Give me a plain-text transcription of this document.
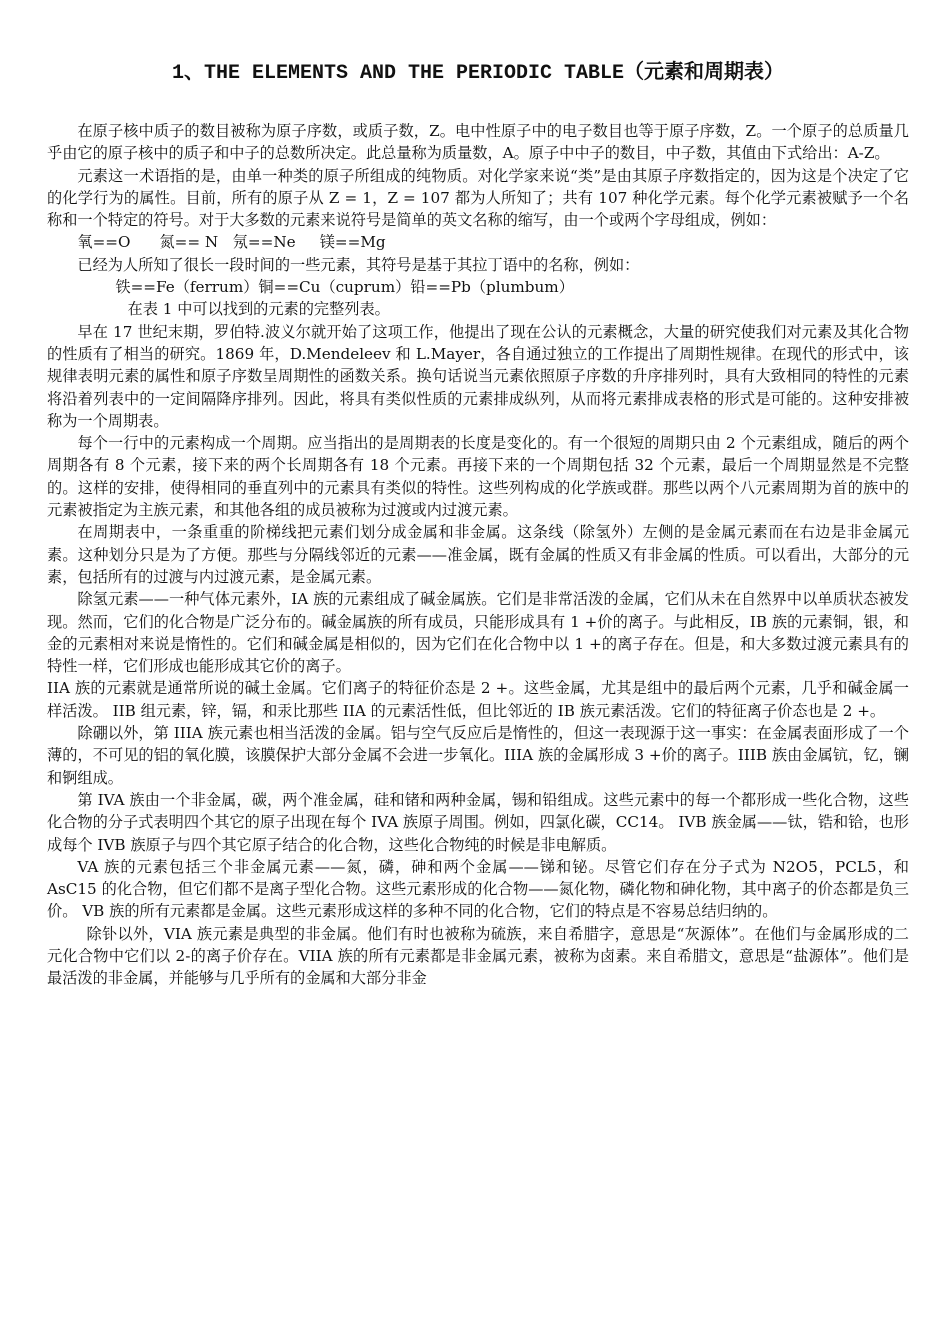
1、THE ELEMENTS AND THE PERIODIC TABLE（元素和周期表）

在原子核中质子的数目被称为原子序数，或质子数，Z。电中性原子中的电子数目也等于原子序数，Z。一个原子的总质量几乎由它的原子核中的质子和中子的总数所决定。此总量称为质量数，A。原子中中子的数目，中子数，其值由下式给出：A-Z。

元素这一术语指的是，由单一种类的原子所组成的纯物质。对化学家来说“类”是由其原子序数指定的，因为这是个决定了它的化学行为的属性。目前，所有的原子从 Z = 1，Z = 107 都为人所知了；共有 107 种化学元素。每个化学元素被赋予一个名称和一个特定的符号。对于大多数的元素来说符号是简单的英文名称的缩写，由一个或两个字母组成，例如：

氧==O      氮== N   氖==Ne     镁==Mg

已经为人所知了很长一段时间的一些元素，其符号是基于其拉丁语中的名称，例如：

铁==Fe（ferrum）铜==Cu（cuprum）铅==Pb（plumbum）
在表 1 中可以找到的元素的完整列表。

早在 17 世纪末期，罗伯特.波义尔就开始了这项工作，他提出了现在公认的元素概念，大量的研究使我们对元素及其化合物的性质有了相当的研究。1869 年，D.Mendeleev 和 L.Mayer，各自通过独立的工作提出了周期性规律。在现代的形式中，该规律表明元素的属性和原子序数呈周期性的函数关系。换句话说当元素依照原子序数的升序排列时，具有大致相同的特性的元素将沿着列表中的一定间隔降序排列。因此，将具有类似性质的元素排成纵列，从而将元素排成表格的形式是可能的。这种安排被称为一个周期表。

每个一行中的元素构成一个周期。应当指出的是周期表的长度是变化的。有一个很短的周期只由 2 个元素组成，随后的两个周期各有 8 个元素，接下来的两个长周期各有 18 个元素。再接下来的一个周期包括 32 个元素，最后一个周期显然是不完整的。这样的安排，使得相同的垂直列中的元素具有类似的特性。这些列构成的化学族或群。那些以两个八元素周期为首的族中的元素被指定为主族元素，和其他各组的成员被称为过渡或内过渡元素。

在周期表中，一条重重的阶梯线把元素们划分成金属和非金属。这条线（除氢外）左侧的是金属元素而在右边是非金属元素。这种划分只是为了方便。那些与分隔线邻近的元素——准金属，既有金属的性质又有非金属的性质。可以看出，大部分的元素，包括所有的过渡与内过渡元素，是金属元素。

除氢元素——一种气体元素外，IA 族的元素组成了碱金属族。它们是非常活泼的金属，它们从未在自然界中以单质状态被发现。然而，它们的化合物是广泛分布的。碱金属族的所有成员，只能形成具有 1 +价的离子。与此相反，IB 族的元素铜，银，和金的元素相对来说是惰性的。它们和碱金属是相似的，因为它们在化合物中以 1 +的离子存在。但是，和大多数过渡元素具有的特性一样，它们形成也能形成其它价的离子。

IIA 族的元素就是通常所说的碱土金属。它们离子的特征价态是 2 +。这些金属，尤其是组中的最后两个元素，几乎和碱金属一样活泼。 IIB 组元素，锌，镉，和汞比那些 IIA 的元素活性低，但比邻近的 IB 族元素活泼。它们的特征离子价态也是 2 +。

除硼以外，第 IIIA 族元素也相当活泼的金属。铝与空气反应后是惰性的，但这一表现源于这一事实：在金属表面形成了一个薄的，不可见的铝的氧化膜，该膜保护大部分金属不会进一步氧化。IIIA 族的金属形成 3 +价的离子。IIIB 族由金属钪，钇，镧和锕组成。

第 IVA 族由一个非金属，碳，两个准金属，硅和锗和两种金属，锡和铅组成。这些元素中的每一个都形成一些化合物，这些化合物的分子式表明四个其它的原子出现在每个 IVA 族原子周围。例如，四氯化碳，CC14。 IVB 族金属——钛，锆和铪，也形成每个 IVB 族原子与四个其它原子结合的化合物，这些化合物纯的时候是非电解质。

VA 族的元素包括三个非金属元素——氮，磷，砷和两个金属——锑和铋。尽管它们存在分子式为 N2O5，PCL5，和 AsC15 的化合物，但它们都不是离子型化合物。这些元素形成的化合物——氮化物，磷化物和砷化物，其中离子的价态都是负三价。 VB 族的所有元素都是金属。这些元素形成这样的多种不同的化合物，它们的特点是不容易总结归纳的。

除钋以外，VIA 族元素是典型的非金属。他们有时也被称为硫族，来自希腊字，意思是“灰源体”。在他们与金属形成的二元化合物中它们以 2-的离子价存在。VIIA 族的所有元素都是非金属元素，被称为卤素。来自希腊文，意思是“盐源体”。他们是最活泼的非金属，并能够与几乎所有的金属和大部分非金
